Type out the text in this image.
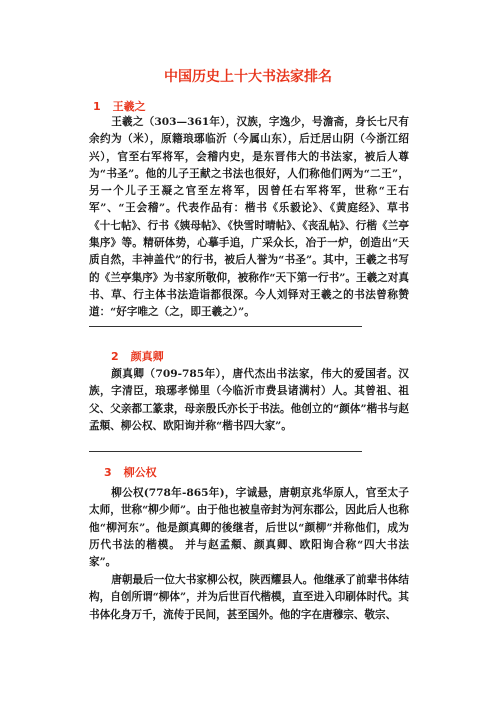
中国历史上十大书法家排名
1 王羲之
王羲之（303—361年），汉族，字逸少，号澹斋，身长七尺有余约为（米），原籍琅琊临沂（今属山东），后迁居山阴（今浙江绍兴），官至右军将军，会稽内史，是东晋伟大的书法家，被后人尊为“书圣”。他的儿子王献之书法也很好，人们称他们两为“二王”，另一个儿子王凝之官至左将军，因曾任右军将军，世称“王右军”、“王会稽”。代表作品有：楷书《乐毅论》、《黄庭经》、草书《十七帖》、行书《姨母帖》、《快雪时晴帖》、《丧乱帖》、行楷《兰亭集序》等。精研体势，心摹手追，广采众长，冶于一炉，创造出“天质自然，丰神盖代”的行书，被后人誉为“书圣”。其中，王羲之书写的《兰亭集序》为书家所敬仰，被称作“天下第一行书”。王羲之对真书、草、行主体书法造诣都很深。今人刘铎对王羲之的书法曾称赞道：“好字唯之（之，即王羲之）”。
2 颜真卿
颜真卿（709-785年），唐代杰出书法家，伟大的爱国者。汉族，字清臣，琅琊孝悌里（今临沂市费县诸满村）人。其曾祖、祖父、父亲都工篆隶，母亲殷氏亦长于书法。他创立的“颜体”楷书与赵孟頫、柳公权、欧阳询并称“楷书四大家”。
3 柳公权
柳公权(778年-865年)，字诚悬，唐朝京兆华原人，官至太子太师，世称“柳少师”。由于他也被皇帝封为河东郡公，因此后人也称他“柳河东”。他是颜真卿的後继者，后世以“颜柳”并称他们，成为历代书法的楷模。 并与赵孟頫、颜真卿、欧阳询合称“四大书法家”。
唐朝最后一位大书家柳公权，陕西耀县人。他继承了前辈书体结构，自创所谓“柳体”，并为后世百代楷模，直至进入印刷体时代。其书体化身万千，流传于民间，甚至国外。他的字在唐穆宗、敬宗、
